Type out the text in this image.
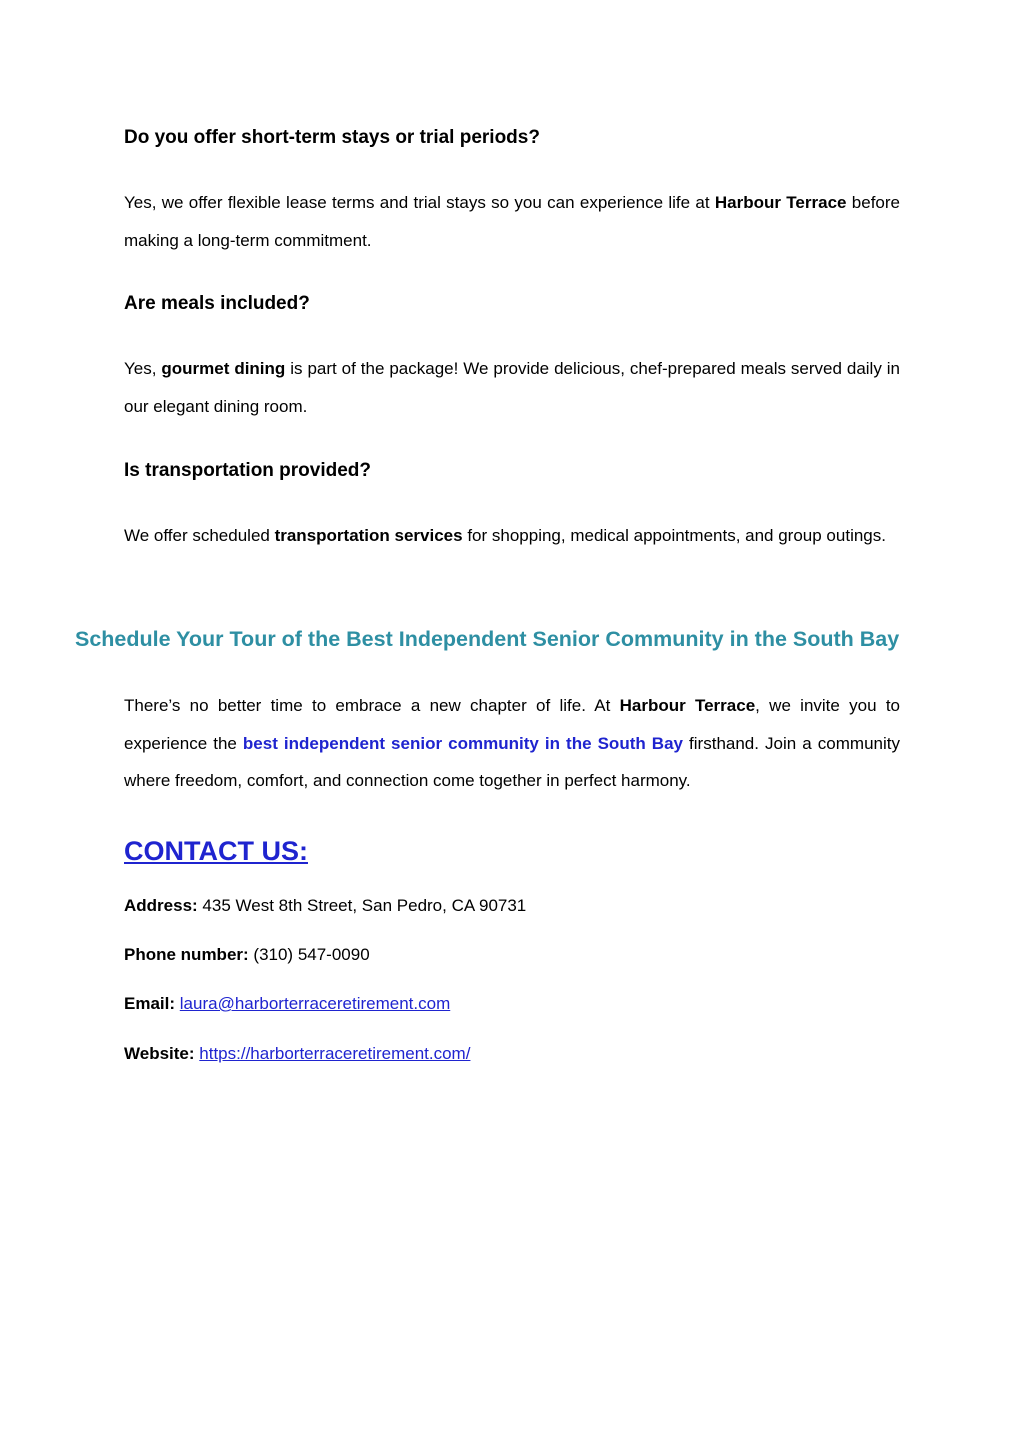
Do you offer short-term stays or trial periods?

Yes, we offer flexible lease terms and trial stays so you can experience life at Harbour Terrace before making a long-term commitment.

Are meals included?

Yes, gourmet dining is part of the package! We provide delicious, chef-prepared meals served daily in our elegant dining room.

Is transportation provided?

We offer scheduled transportation services for shopping, medical appointments, and group outings.

Schedule Your Tour of the Best Independent Senior Community in the South Bay

There’s no better time to embrace a new chapter of life. At Harbour Terrace, we invite you to experience the best independent senior community in the South Bay firsthand. Join a community where freedom, comfort, and connection come together in perfect harmony.

CONTACT US:

Address: 435 West 8th Street, San Pedro, CA 90731

Phone number: (310) 547-0090

Email: laura@harborterraceretirement.com

Website: https://harborterraceretirement.com/
